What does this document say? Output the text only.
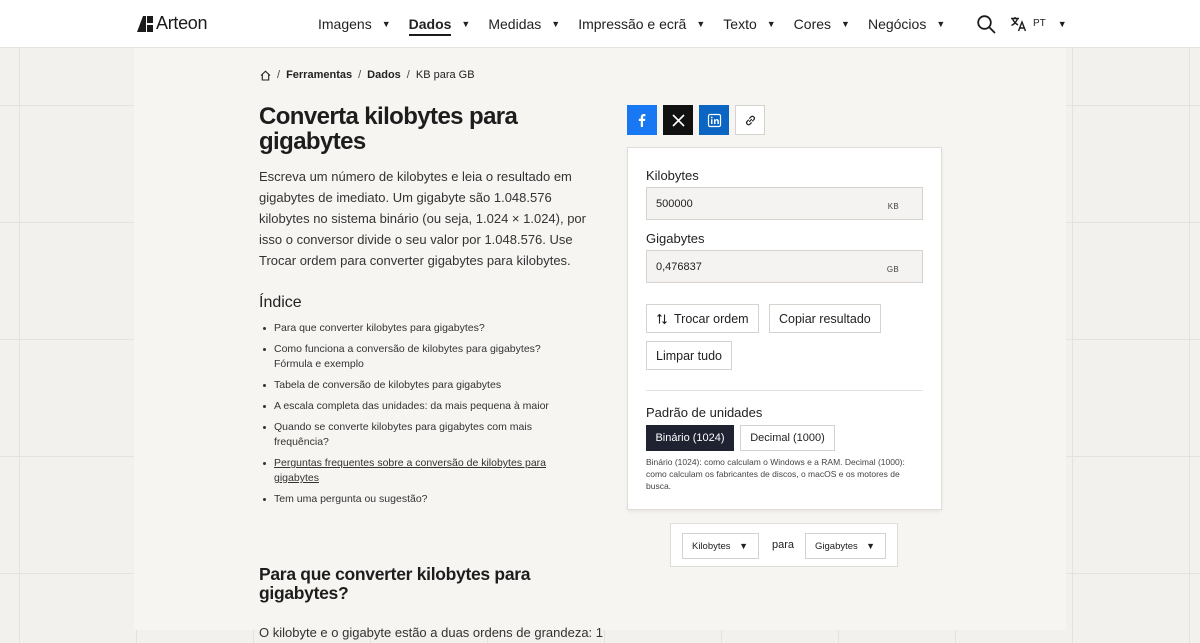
Arteon	Imagens ▼ Dados ▼ Medidas ▼ Impressão e ecrã ▼ Texto ▼ Cores ▼ Negócios ▼	PT ▼
/ Ferramentas / Dados / KB para GB
Converta kilobytes para gigabytes

Escreva um número de kilobytes e leia o resultado em gigabytes de imediato. Um gigabyte são 1.048.576 kilobytes no sistema binário (ou seja, 1.024 × 1.024), por isso o conversor divide o seu valor por 1.048.576. Use Trocar ordem para converter gigabytes para kilobytes.

Índice
Para que converter kilobytes para gigabytes?
Como funciona a conversão de kilobytes para gigabytes? Fórmula e exemplo
Tabela de conversão de kilobytes para gigabytes
A escala completa das unidades: da mais pequena à maior
Quando se converte kilobytes para gigabytes com mais frequência?
Perguntas frequentes sobre a conversão de kilobytes para gigabytes
Tem uma pergunta ou sugestão?
Para que converter kilobytes para gigabytes?

O kilobyte e o gigabyte estão a duas ordens de grandeza: 1

Kilobytes
500000	KB
Gigabytes
0,476837	GB
Trocar ordem Copiar resultado
Limpar tudo
Padrão de unidades
Binário (1024)	Decimal (1000)

Binário (1024): como calculam o Windows e a RAM. Decimal (1000): como calculam os fabricantes de discos, o macOS e os motores de busca.

Kilobytes ▼ para Gigabytes ▼
